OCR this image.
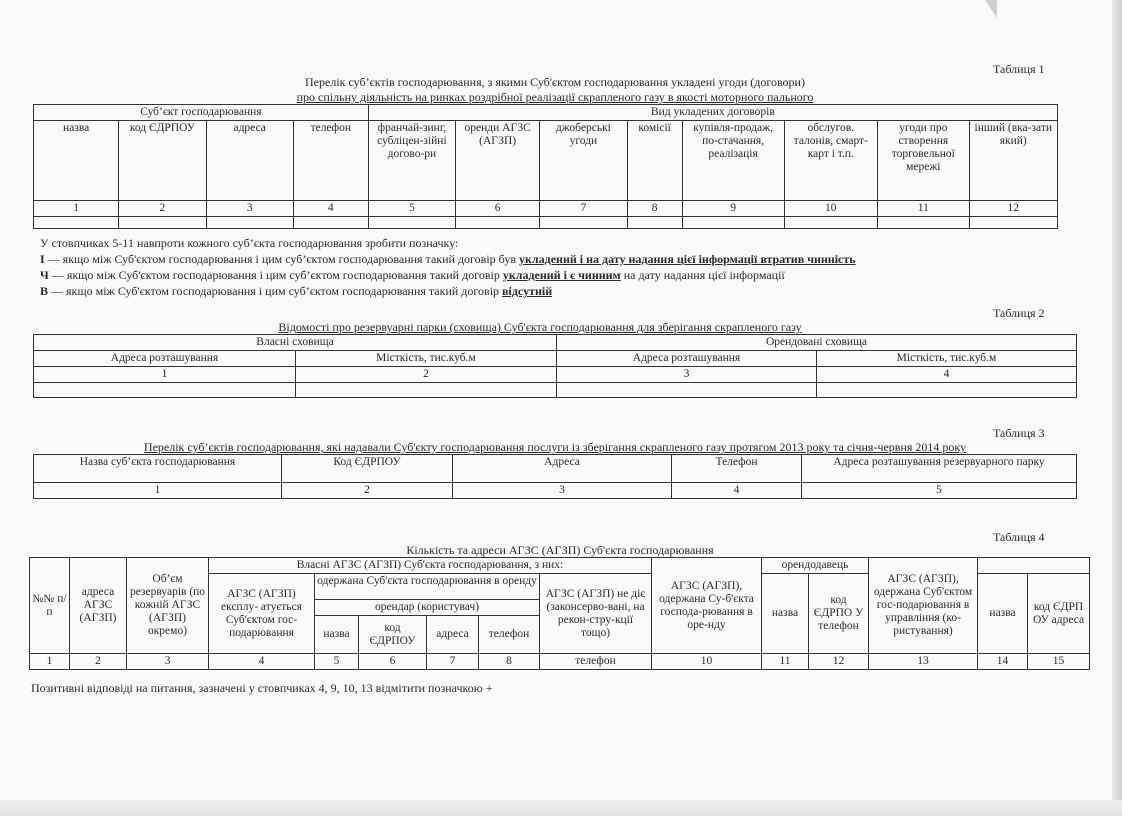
Таблиця 1
Перелік суб’єктів господарювання, з якими Суб'єктом господарювання укладені угоди (договори)
про спільну діяльність на ринках роздрібної реалізації скрапленого газу в якості моторного пального
Суб’єкт господарювання				Вид укладених договорів							
назва	код ЄДРПОУ	адреса	телефон	франчай-зинг, субліцен-зійні догово-ри	оренди АГЗС (АГЗП)	джоберські угоди	комісії	купівля-продаж, по-стачання, реалізація	обслугов. талонів, смарт-карт і т.п.	угоди про створення торговельної мережі	інший (вка-зати який)
1	2	3	4	5	6	7	8	9	10	11	12

У стовпчиках 5-11 навпроти кожного суб’єкта господарювання зробити позначку:
І — якщо між Суб'єктом господарювання і цим суб’єктом господарювання такий договір був укладений і на дату надання цієї інформації втратив чинність
Ч — якщо між Суб'єктом господарювання і цим суб’єктом господарювання такий договір укладений і є чинним на дату надання цієї інформації
В — якщо між Суб'єктом господарювання і цим суб’єктом господарювання такий договір відсутній
Таблиця 2
Відомості про резервуарні парки (сховища) Суб'єкта господарювання для зберігання скрапленого газу
Власні сховища		Орендовані сховища	
Адреса розташування	Місткість, тис.куб.м	Адреса розташування	Місткість, тис.куб.м
1	2	3	4

Таблиця 3
Перелік суб’єктів господарювання, які надавали Суб'єкту господарювання послуги із зберігання скрапленого газу протягом 2013 року та січня-червня 2014 року
Назва суб’єкта господарювання	Код ЄДРПОУ	Адреса	Телефон	Адреса розташування резервуарного парку
1	2	3	4	5
Таблиця 4
Кількість та адреси АГЗС (АГЗП) Суб'єкта господарювання
№№ п/п	адреса АГЗС (АГЗП)	Об’єм резервуарів (по кожній АГЗС (АГЗП) окремо)	Власні АГЗС (АГЗП) Суб'єкта господарювання, з них:						АГЗС (АГЗП), одержана Су-б'єкта господа-рювання в оре-нду	орендодавець		АГЗС (АГЗП), одержана Суб'єктом гос-подарювання в управління (ко-ристування)		
			АГЗС (АГЗП) експлу- атується Суб'єктом гос-подарювання	одержана Суб'єкта господарювання в оренду				АГЗС (АГЗП) не діє (законсерво-вані, на рекон-стру-кції тощо)		назва	код ЄДРПО У телефон		назва	код ЄДРП ОУ адреса
				орендар (користувач)										
				назва	код ЄДРПОУ	адреса	телефон							
1	2	3	4	5	6	7	8	телефон	10	11	12	13	14	15
Позитивні відповіді на питання, зазначені у стовпчиках 4, 9, 10, 13 відмітити позначкою +
